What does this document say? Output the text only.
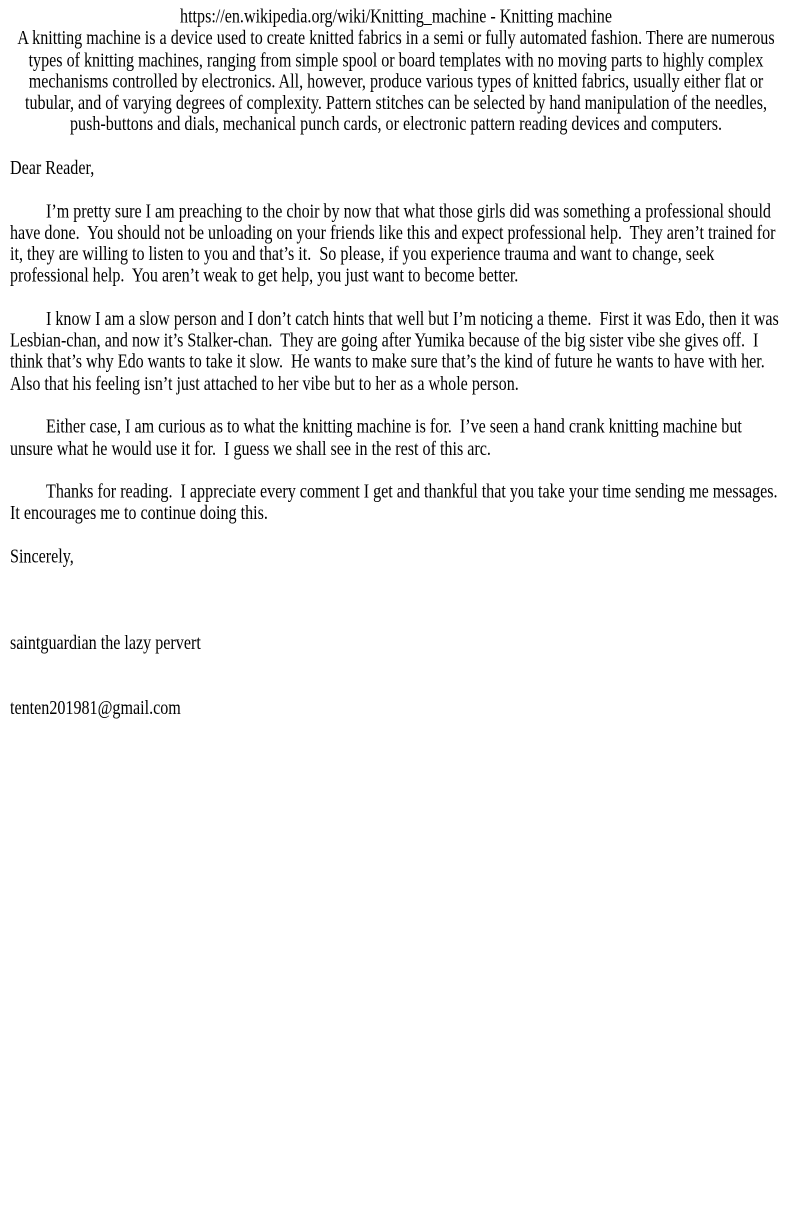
https://en.wikipedia.org/wiki/Knitting_machine - Knitting machine

A knitting machine is a device used to create knitted fabrics in a semi or fully automated fashion. There are numerous types of knitting machines, ranging from simple spool or board templates with no moving parts to highly complex mechanisms controlled by electronics. All, however, produce various types of knitted fabrics, usually either flat or tubular, and of varying degrees of complexity. Pattern stitches can be selected by hand manipulation of the needles, push-buttons and dials, mechanical punch cards, or electronic pattern reading devices and computers.

Dear Reader,

I’m pretty sure I am preaching to the choir by now that what those girls did was something a professional should have done.  You should not be unloading on your friends like this and expect professional help.  They aren’t trained for it, they are willing to listen to you and that’s it.  So please, if you experience trauma and want to change, seek professional help.  You aren’t weak to get help, you just want to become better.

I know I am a slow person and I don’t catch hints that well but I’m noticing a theme.  First it was Edo, then it was Lesbian-chan, and now it’s Stalker-chan.  They are going after Yumika because of the big sister vibe she gives off.  I think that’s why Edo wants to take it slow.  He wants to make sure that’s the kind of future he wants to have with her.  Also that his feeling isn’t just attached to her vibe but to her as a whole person.

Either case, I am curious as to what the knitting machine is for.  I’ve seen a hand crank knitting machine but unsure what he would use it for.  I guess we shall see in the rest of this arc.

Thanks for reading.  I appreciate every comment I get and thankful that you take your time sending me messages.  It encourages me to continue doing this.

Sincerely,

saintguardian the lazy pervert

tenten201981@gmail.com
